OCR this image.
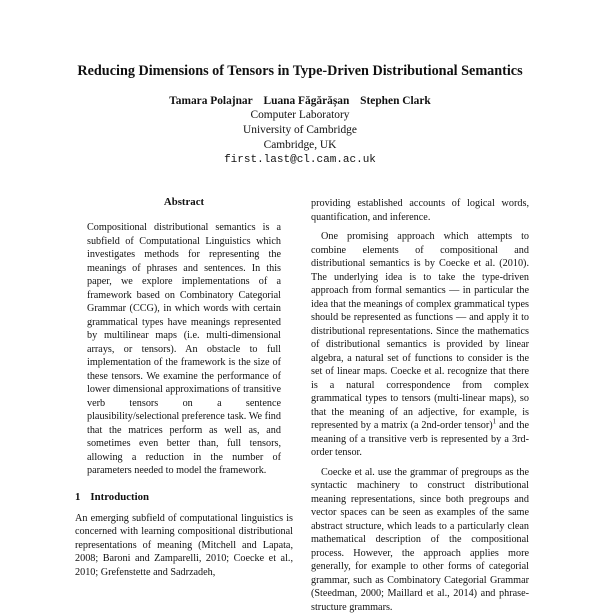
Reducing Dimensions of Tensors in Type-Driven Distributional Semantics
Tamara Polajnar Luana Făgărășan Stephen Clark
Computer Laboratory
University of Cambridge
Cambridge, UK
first.last@cl.cam.ac.uk
Abstract

Compositional distributional semantics is a subfield of Computational Linguistics which investigates methods for representing the meanings of phrases and sentences. In this paper, we explore implementations of a framework based on Combinatory Categorial Grammar (CCG), in which words with certain grammatical types have meanings represented by multilinear maps (i.e. multi-dimensional arrays, or tensors). An obstacle to full implementation of the framework is the size of these tensors. We examine the performance of lower dimensional approximations of transitive verb tensors on a sentence plausibility/selectional preference task. We find that the matrices perform as well as, and sometimes even better than, full tensors, allowing a reduction in the number of parameters needed to model the framework.

1 Introduction

An emerging subfield of computational linguistics is concerned with learning compositional distributional representations of meaning (Mitchell and Lapata, 2008; Baroni and Zamparelli, 2010; Coecke et al., 2010; Grefenstette and Sadrzadeh,

providing established accounts of logical words, quantification, and inference.

One promising approach which attempts to combine elements of compositional and distributional semantics is by Coecke et al. (2010). The underlying idea is to take the type-driven approach from formal semantics — in particular the idea that the meanings of complex grammatical types should be represented as functions — and apply it to distributional representations. Since the mathematics of distributional semantics is provided by linear algebra, a natural set of functions to consider is the set of linear maps. Coecke et al. recognize that there is a natural correspondence from complex grammatical types to tensors (multi-linear maps), so that the meaning of an adjective, for example, is represented by a matrix (a 2nd-order tensor)$^1$ and the meaning of a transitive verb is represented by a 3rd-order tensor.

Coecke et al. use the grammar of pregroups as the syntactic machinery to construct distributional meaning representations, since both pregroups and vector spaces can be seen as examples of the same abstract structure, which leads to a particularly clean mathematical description of the compositional process. However, the approach applies more generally, for example to other forms of categorial grammar, such as Combinatory Categorial Grammar (Steedman, 2000; Maillard et al., 2014) and phrase-structure grammars.
